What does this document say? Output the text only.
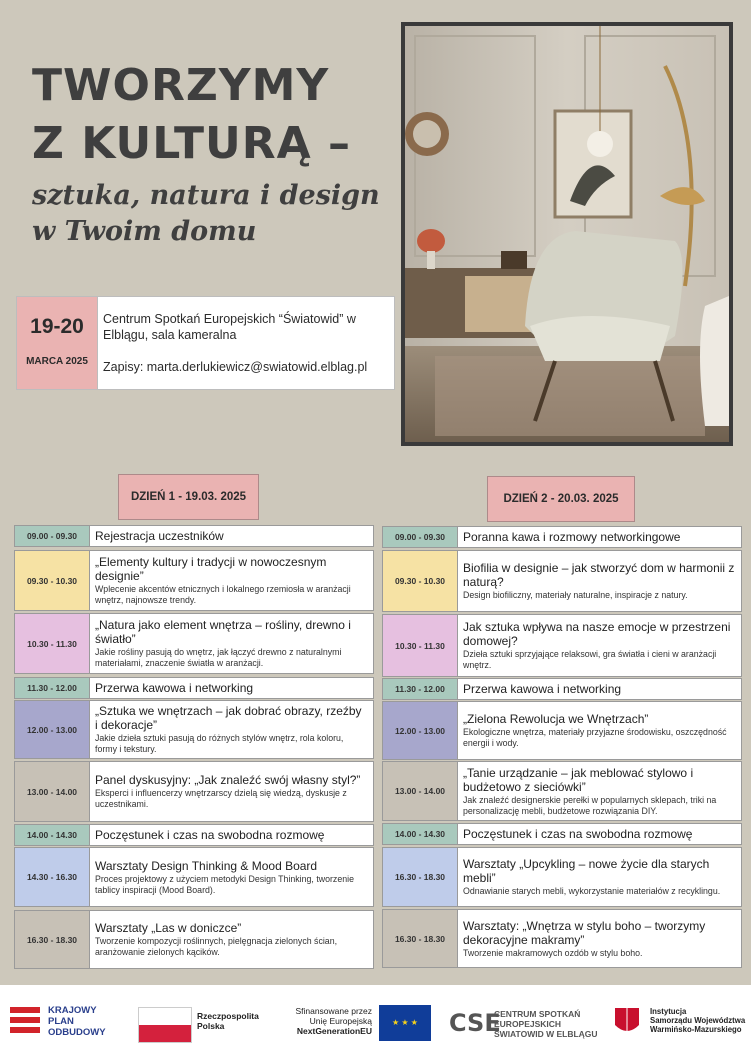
TWORZYMY
Z KULTURĄ –
sztuka, natura i design w Twoim domu
19-20
MARCA 2025
Centrum Spotkań Europejskich “Światowid” w Elblągu, sala kameralna
Zapisy: marta.derlukiewicz@swiatowid.elblag.pl
DZIEŃ 1 - 19.03. 2025	DZIEŃ 2 - 20.03. 2025
09.00 - 09.30	Rejestracja uczestników
09.30 - 10.30
„Elementy kultury i tradycji w nowoczesnym designie”
Wplecenie akcentów etnicznych i lokalnego rzemiosła w aranżacji wnętrz, najnowsze trendy.
10.30 - 11.30
„Natura jako element wnętrza – rośliny, drewno i światło”
Jakie rośliny pasują do wnętrz, jak łączyć drewno z naturalnymi materiałami, znaczenie światła w aranżacji.
11.30 - 12.00	Przerwa kawowa i networking
12.00 - 13.00
„Sztuka we wnętrzach – jak dobrać obrazy, rzeźby i dekoracje”
Jakie dzieła sztuki pasują do różnych stylów wnętrz, rola koloru, formy i tekstury.
13.00 - 14.00
Panel dyskusyjny: „Jak znaleźć swój własny styl?”
Eksperci i influencerzy wnętrzarscy dzielą się wiedzą, dyskusje z uczestnikami.
14.00 - 14.30	Poczęstunek i czas na swobodna rozmowę
14.30 - 16.30
Warsztaty Design Thinking & Mood Board
Proces projektowy z użyciem metodyki Design Thinking, tworzenie tablicy inspiracji (Mood Board).
16.30 - 18.30
Warsztaty „Las w doniczce”
Tworzenie kompozycji roślinnych, pielęgnacja zielonych ścian, aranżowanie zielonych kącików.
09.00 - 09.30	Poranna kawa i rozmowy networkingowe
09.30 - 10.30
Biofilia w designie – jak stworzyć dom w harmonii z naturą?
Design biofiliczny, materiały naturalne, inspiracje z natury.
10.30 - 11.30
Jak sztuka wpływa na nasze emocje w przestrzeni domowej?
Dzieła sztuki sprzyjające relaksowi, gra światła i cieni w aranżacji wnętrz.
11.30 - 12.00	Przerwa kawowa i networking
12.00 - 13.00
„Zielona Rewolucja we Wnętrzach”
Ekologiczne wnętrza, materiały przyjazne środowisku, oszczędność energii i wody.
13.00 - 14.00
„Tanie urządzanie – jak meblować stylowo i budżetowo z sieciówki”
Jak znaleźć designerskie perełki w popularnych sklepach, triki na personalizację mebli, budżetowe rozwiązania DIY.
14.00 - 14.30	Poczęstunek i czas na swobodna rozmowę
16.30 - 18.30
Warsztaty „Upcykling – nowe życie dla starych mebli”
Odnawianie starych mebli, wykorzystanie materiałów z recyklingu.
16.30 - 18.30
Warsztaty: „Wnętrza w stylu boho – tworzymy dekoracyjne makramy”
Tworzenie makramowych ozdób w stylu boho.
KRAJOWY
PLAN
ODBUDOWY
Rzeczpospolita
Polska
Sfinansowane przez
Unię Europejską
NextGenerationEU
★ ★ ★	CSE
CENTRUM SPOTKAŃ
EUROPEJSKICH
ŚWIATOWID W ELBLĄGU
Instytucja
Samorządu Województwa
Warmińsko-Mazurskiego
